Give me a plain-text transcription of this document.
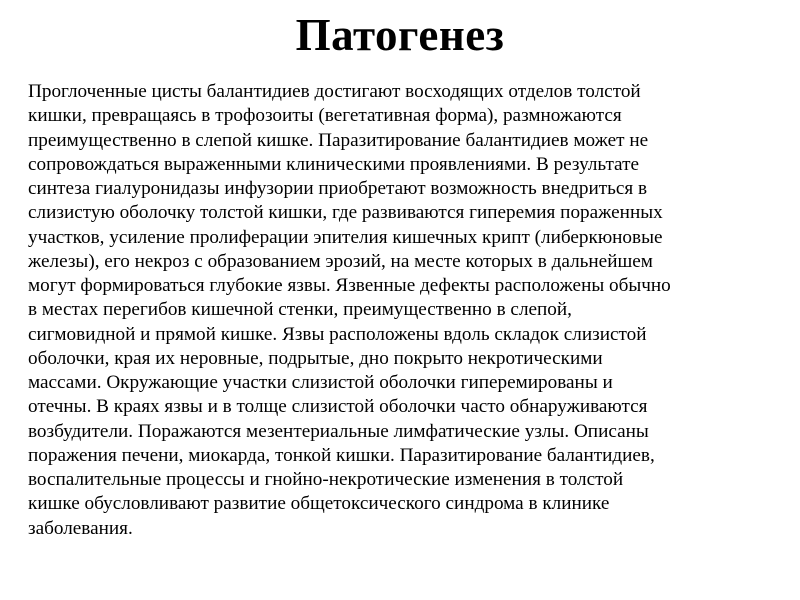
Патогенез
Проглоченные цисты балантидиев достигают восходящих отделов толстой
кишки, превращаясь в трофозоиты (вегетативная форма), размножаются
преимущественно в слепой кишке. Паразитирование балантидиев может не
сопровождаться выраженными клиническими проявлениями. В результате
синтеза гиалуронидазы инфузории приобретают возможность внедриться в
слизистую оболочку толстой кишки, где развиваются гиперемия пораженных
участков, усиление пролиферации эпителия кишечных крипт (либеркюновые
железы), его некроз с образованием эрозий, на месте которых в дальнейшем
могут формироваться глубокие язвы. Язвенные дефекты расположены обычно
в местах перегибов кишечной стенки, преимущественно в слепой,
сигмовидной и прямой кишке. Язвы расположены вдоль складок слизистой
оболочки, края их неровные, подрытые, дно покрыто некротическими
массами. Окружающие участки слизистой оболочки гиперемированы и
отечны. В краях язвы и в толще слизистой оболочки часто обнаруживаются
возбудители. Поражаются мезентериальные лимфатические узлы. Описаны
поражения печени, миокарда, тонкой кишки. Паразитирование балантидиев,
воспалительные процессы и гнойно-некротические изменения в толстой
кишке обусловливают развитие общетоксического синдрома в клинике
заболевания.
